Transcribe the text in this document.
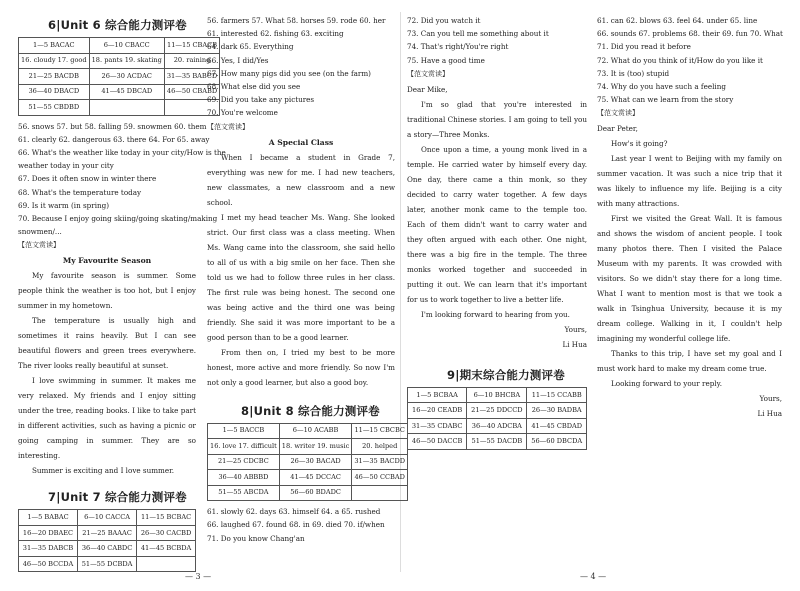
6|Unit 6 综合能力测评卷
1—5 BACAC	6—10 CBACC	11—15 CBACB
16. cloudy 17. good	18. pants 19. skating	20. raining
21—25 BACDB	26—30 ACDAC	31—35 BABCD
36—40 DBACD	41—45 DBCAD	46—50 CBABD
51—55 CBDBD		
56. snows 57. but 58. falling 59. snowmen 60. them
61. clearly 62. dangerous 63. there 64. For 65. away
66. What's the weather like today in your city/How is the
weather today in your city
67. Does it often snow in winter there
68. What's the temperature today
69. Is it warm (in spring)
70. Because I enjoy going skiing/going skating/making
snowmen/...
【范文赏读】
My Favourite Season

My favourite season is summer. Some people think the weather is too hot, but I enjoy summer in my hometown.

The temperature is usually high and sometimes it rains heavily. But I can see beautiful flowers and green trees everywhere. The river looks really beautiful at sunset.

I love swimming in summer. It makes me very relaxed. My friends and I enjoy sitting under the tree, reading books. I like to take part in different activities, such as having a picnic or going camping in summer. They are so interesting.

Summer is exciting and I love summer.

7|Unit 7 综合能力测评卷
1—5 BABAC	6—10 CACCA	11—15 BCBAC
16—20 DBAEC	21—25 BAAAC	26—30 CACBD
31—35 DABCB	36—40 CABDC	41—45 BCBDA
46—50 BCCDA	51—55 DCBDA	
56. farmers 57. What 58. horses 59. rode 60. her
61. interested 62. fishing 63. exciting
64. dark 65. Everything
66. Yes, I did/Yes
67. How many pigs did you see (on the farm)
68. What else did you see
69. Did you take any pictures
70. You're welcome
【范文赏读】
A Special Class

When I became a student in Grade 7, everything was new for me. I had new teachers, new classmates, a new classroom and a new school.

I met my head teacher Ms. Wang. She looked strict. Our first class was a class meeting. When Ms. Wang came into the classroom, she said hello to all of us with a big smile on her face. Then she told us we had to follow three rules in her class. The first rule was being honest. The second one was being active and the third one was being friendly. She said it was more important to be a good person than to be a good learner.

From then on, I tried my best to be more honest, more active and more friendly. So now I'm not only a good learner, but also a good boy.

8|Unit 8 综合能力测评卷
1—5 BACCB	6—10 ACABB	11—15 CBCBC
16. love 17. difficult	18. writer 19. music	20. helped
21—25 CDCBC	26—30 BACAD	31—35 BACDD
36—40 ABBBD	41—45 DCCAC	46—50 CCBAD
51—55 ABCDA	56—60 BDADC	
61. slowly 62. days 63. himself 64. a 65. rushed
66. laughed 67. found 68. in 69. died 70. if/when
71. Do you know Chang'an
72. Did you watch it
73. Can you tell me something about it
74. That's right/You're right
75. Have a good time
【范文赏读】
Dear Mike,

I'm so glad that you're interested in traditional Chinese stories. I am going to tell you a story—Three Monks.

Once upon a time, a young monk lived in a temple. He carried water by himself every day. One day, there came a thin monk, so they decided to carry water together. A few days later, another monk came to the temple too. Each of them didn't want to carry water and they often argued with each other. One night, there was a big fire in the temple. The three monks worked together and succeeded in putting it out. We can learn that it's important for us to work together to live a better life.

I'm looking forward to hearing from you.

Yours,
Li Hua
9|期末综合能力测评卷
1—5 BCBAA	6—10 BHCBA	11—15 CCABB
16—20 CEADB	21—25 DDCCD	26—30 BADBA
31—35 CDABC	36—40 ADCBA	41—45 CBDAD
46—50 DACCB	51—55 DACDB	56—60 DBCDA
61. can 62. blows 63. feel 64. under 65. line
66. sounds 67. problems 68. their 69. fun 70. What
71. Did you read it before
72. What do you think of it/How do you like it
73. It is (too) stupid
74. Why do you have such a feeling
75. What can we learn from the story
【范文赏读】
Dear Peter,
How's it going?

Last year I went to Beijing with my family on summer vacation. It was such a nice trip that it was likely to influence my life. Beijing is a city with many attractions.

First we visited the Great Wall. It is famous and shows the wisdom of ancient people. I took many photos there. Then I visited the Palace Museum with my parents. It was crowded with visitors. So we didn't stay there for a long time. What I want to mention most is that we took a walk in Tsinghua University, because it is my dream college. Walking in it, I couldn't help imagining my wonderful college life.

Thanks to this trip, I have set my goal and I must work hard to make my dream come true.

Looking forward to your reply.

Yours,
Li Hua
— 3 —	— 4 —
